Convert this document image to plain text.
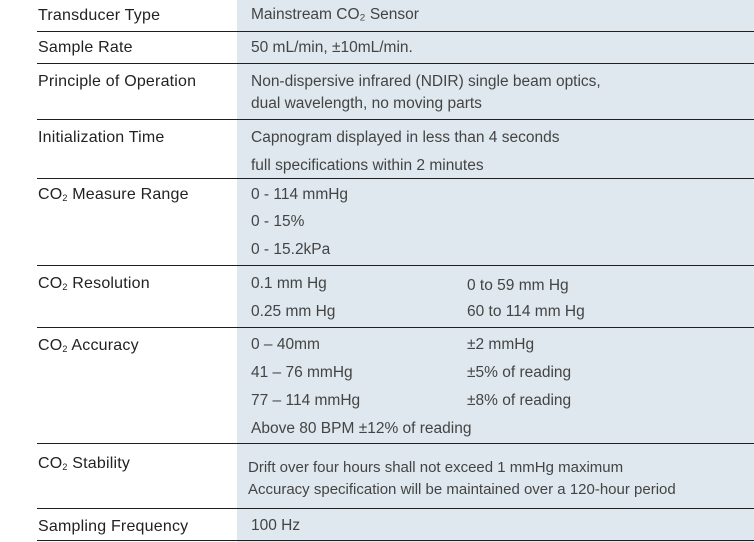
Transducer Type	Mainstream CO₂ Sensor
Sample Rate	50 mL/min, ±10mL/min.
Principle of Operation	Non-dispersive infrared (NDIR) single beam optics,
dual wavelength, no moving parts
Initialization Time	Capnogram displayed in less than 4 seconds
full specifications within 2 minutes
$CO_2$ Measure Range	0 - 114 mmHg
0 - 15%
0 - 15.2kPa
$CO_2$ Resolution	0.1 mm Hg	0 to 59 mm Hg
0.25 mm Hg	60 to 114 mm Hg
$CO_2$ Accuracy	0 – 40mm	±2 mmHg
41 – 76 mmHg	±5% of reading
77 – 114 mmHg	±8% of reading
Above 80 BPM ±12% of reading
$CO_2$ Stability	Drift over four hours shall not exceed 1 mmHg maximum
Accuracy specification will be maintained over a 120-hour period
Sampling Frequency	100 Hz
